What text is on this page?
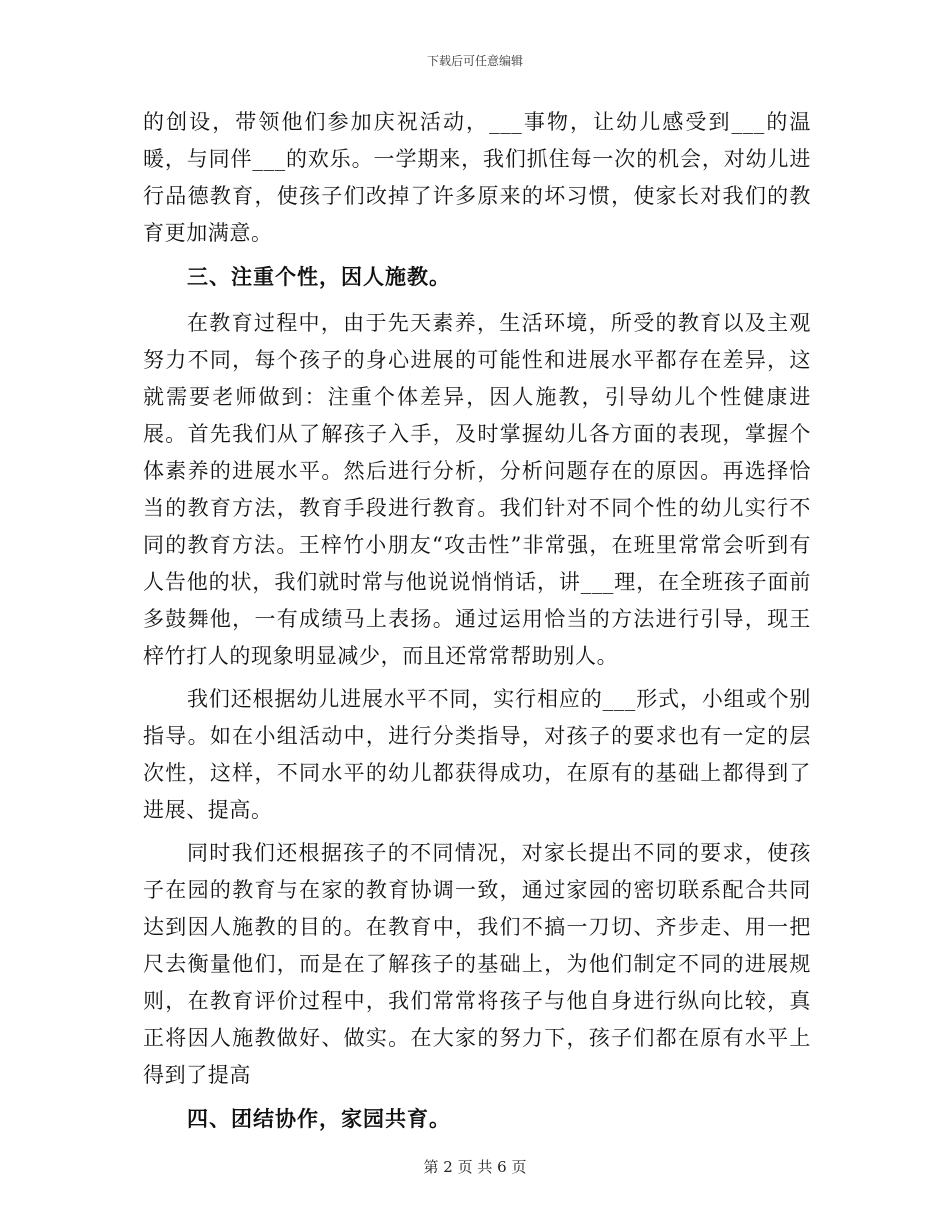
下载后可任意编辑

的创设，带领他们参加庆祝活动，___事物，让幼儿感受到___的温暖，与同伴___的欢乐。一学期来，我们抓住每一次的机会，对幼儿进行品德教育，使孩子们改掉了许多原来的坏习惯，使家长对我们的教育更加满意。

三、注重个性，因人施教。

在教育过程中，由于先天素养，生活环境，所受的教育以及主观努力不同，每个孩子的身心进展的可能性和进展水平都存在差异，这就需要老师做到：注重个体差异，因人施教，引导幼儿个性健康进展。首先我们从了解孩子入手，及时掌握幼儿各方面的表现，掌握个体素养的进展水平。然后进行分析，分析问题存在的原因。再选择恰当的教育方法，教育手段进行教育。我们针对不同个性的幼儿实行不同的教育方法。王梓竹小朋友“攻击性”非常强，在班里常常会听到有人告他的状，我们就时常与他说说悄悄话，讲___理，在全班孩子面前多鼓舞他，一有成绩马上表扬。通过运用恰当的方法进行引导，现王梓竹打人的现象明显减少，而且还常常帮助别人。

我们还根据幼儿进展水平不同，实行相应的___形式，小组或个别指导。如在小组活动中，进行分类指导，对孩子的要求也有一定的层次性，这样，不同水平的幼儿都获得成功，在原有的基础上都得到了进展、提高。

同时我们还根据孩子的不同情况，对家长提出不同的要求，使孩子在园的教育与在家的教育协调一致，通过家园的密切联系配合共同达到因人施教的目的。在教育中，我们不搞一刀切、齐步走、用一把尺去衡量他们，而是在了解孩子的基础上，为他们制定不同的进展规则，在教育评价过程中，我们常常将孩子与他自身进行纵向比较，真正将因人施教做好、做实。在大家的努力下，孩子们都在原有水平上得到了提高

四、团结协作，家园共育。

第 2 页 共 6 页
